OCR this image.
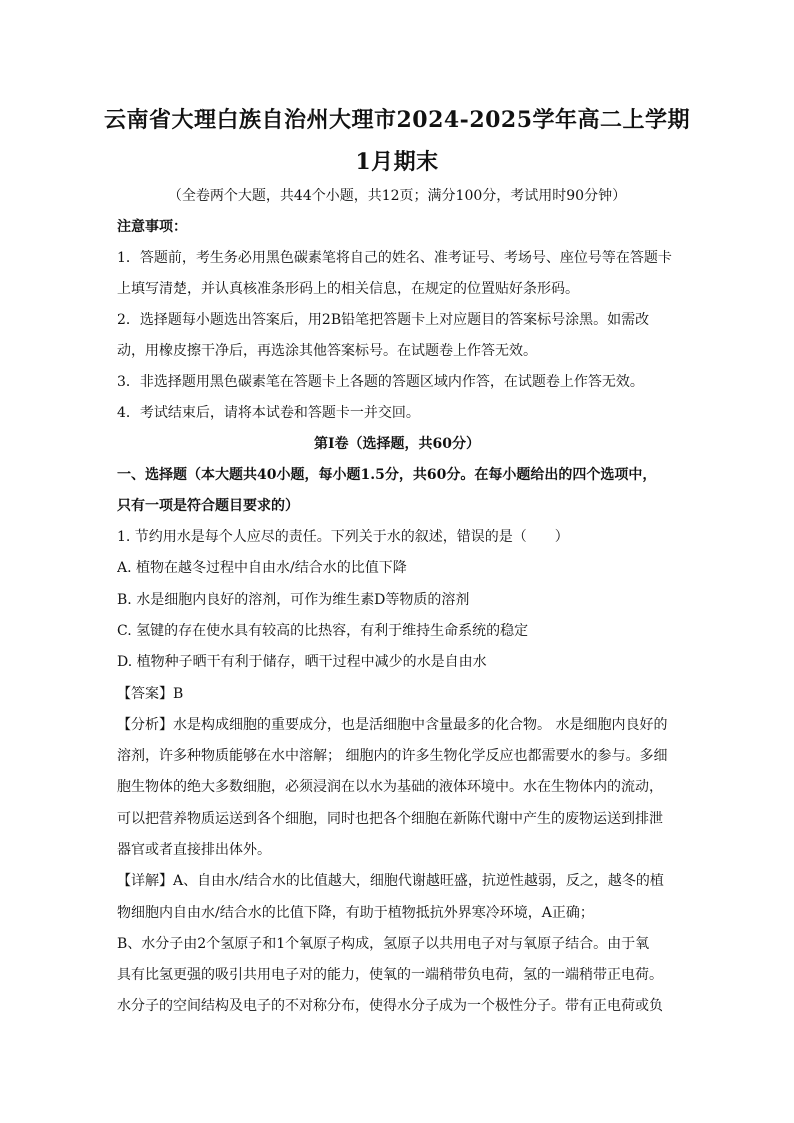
云南省大理白族自治州大理市2024-2025学年高二上学期
1月期末
（全卷两个大题，共44个小题，共12页；满分100分，考试用时90分钟）
注意事项：
1．答题前，考生务必用黑色碳素笔将自己的姓名、准考证号、考场号、座位号等在答题卡
上填写清楚，并认真核准条形码上的相关信息，在规定的位置贴好条形码。
2．选择题每小题选出答案后，用2B铅笔把答题卡上对应题目的答案标号涂黑。如需改
动，用橡皮擦干净后，再选涂其他答案标号。在试题卷上作答无效。
3．非选择题用黑色碳素笔在答题卡上各题的答题区域内作答，在试题卷上作答无效。
4．考试结束后，请将本试卷和答题卡一并交回。
第Ⅰ卷（选择题，共60分）
一、选择题（本大题共40小题，每小题1.5分，共60分。在每小题给出的四个选项中，
只有一项是符合题目要求的）
1. 节约用水是每个人应尽的责任。下列关于水的叙述，错误的是（　　）
A. 植物在越冬过程中自由水/结合水的比值下降
B. 水是细胞内良好的溶剂，可作为维生素D等物质的溶剂
C. 氢键的存在使水具有较高的比热容，有利于维持生命系统的稳定
D. 植物种子晒干有利于储存，晒干过程中减少的水是自由水
【答案】B
【分析】水是构成细胞的重要成分，也是活细胞中含量最多的化合物。 水是细胞内良好的
溶剂，许多种物质能够在水中溶解； 细胞内的许多生物化学反应也都需要水的参与。多细
胞生物体的绝大多数细胞，必须浸润在以水为基础的液体环境中。水在生物体内的流动，
可以把营养物质运送到各个细胞，同时也把各个细胞在新陈代谢中产生的废物运送到排泄
器官或者直接排出体外。
【详解】A、自由水/结合水的比值越大，细胞代谢越旺盛，抗逆性越弱，反之，越冬的植
物细胞内自由水/结合水的比值下降，有助于植物抵抗外界寒冷环境，A正确；
B、水分子由2个氢原子和1个氧原子构成，氢原子以共用电子对与氧原子结合。由于氧
具有比氢更强的吸引共用电子对的能力，使氧的一端稍带负电荷，氢的一端稍带正电荷。
水分子的空间结构及电子的不对称分布，使得水分子成为一个极性分子。带有正电荷或负
